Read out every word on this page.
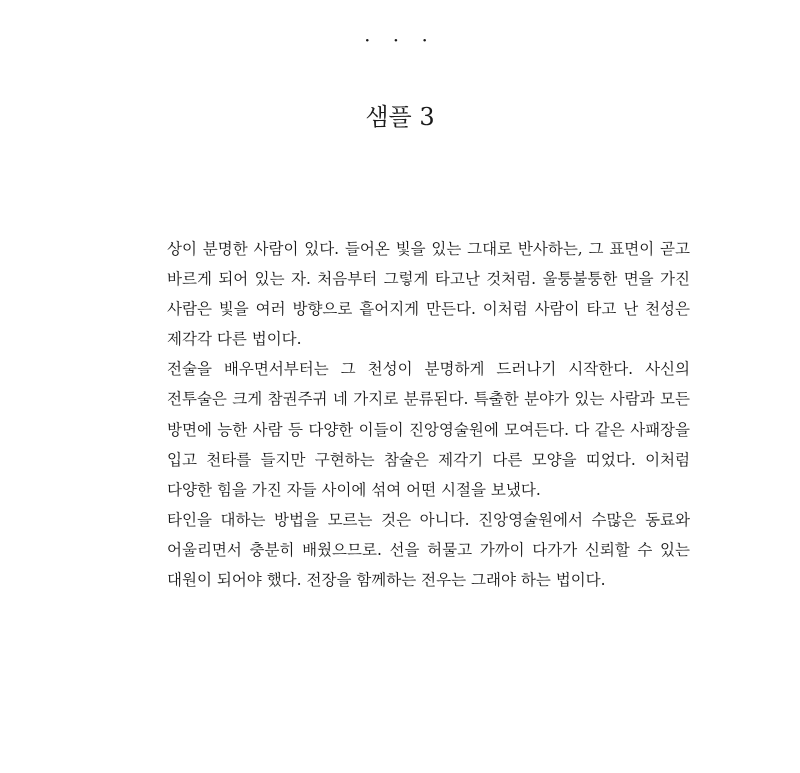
· · ·
샘플 3

상이 분명한 사람이 있다. 들어온 빛을 있는 그대로 반사하는, 그 표면이 곧고 바르게 되어 있는 자. 처음부터 그렇게 타고난 것처럼. 울퉁불퉁한 면을 가진 사람은 빛을 여러 방향으로 흩어지게 만든다. 이처럼 사람이 타고 난 천성은 제각각 다른 법이다.

전술을 배우면서부터는 그 천성이 분명하게 드러나기 시작한다. 사신의 전투술은 크게 참권주귀 네 가지로 분류된다. 특출한 분야가 있는 사람과 모든 방면에 능한 사람 등 다양한 이들이 진앙영술원에 모여든다. 다 같은 사패장을 입고 천타를 들지만 구현하는 참술은 제각기 다른 모양을 띠었다. 이처럼 다양한 힘을 가진 자들 사이에 섞여 어떤 시절을 보냈다.

타인을 대하는 방법을 모르는 것은 아니다. 진앙영술원에서 수많은 동료와 어울리면서 충분히 배웠으므로. 선을 허물고 가까이 다가가 신뢰할 수 있는 대원이 되어야 했다. 전장을 함께하는 전우는 그래야 하는 법이다.
